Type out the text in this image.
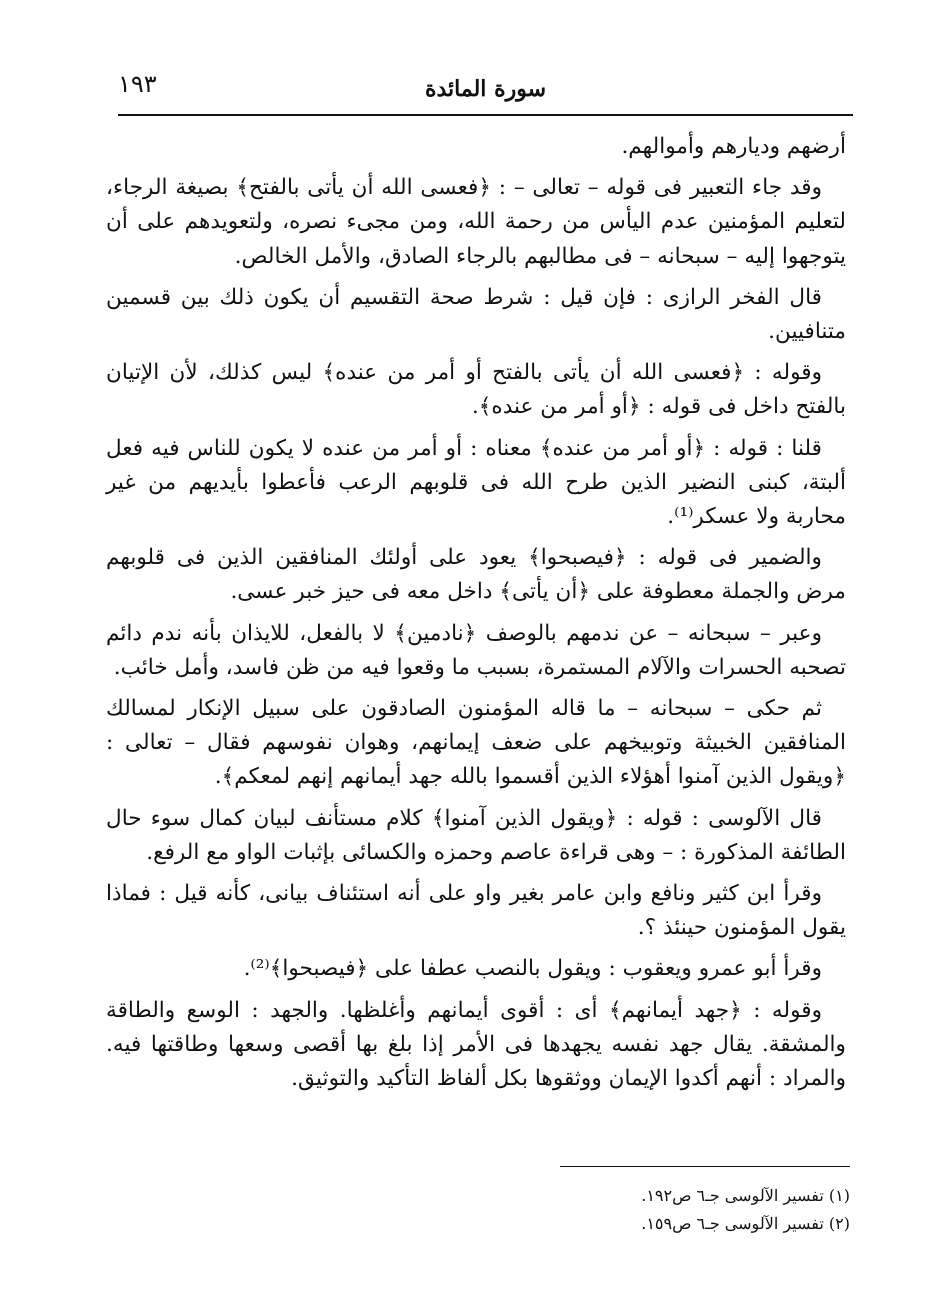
١٩٣	سورة المائدة

أرضهم وديارهم وأموالهم.

وقد جاء التعبير فى قوله – تعالى – : ﴿فعسى الله أن يأتى بالفتح﴾ بصيغة الرجاء، لتعليم المؤمنين عدم اليأس من رحمة الله، ومن مجىء نصره، ولتعويدهم على أن يتوجهوا إليه – سبحانه – فى مطالبهم بالرجاء الصادق، والأمل الخالص.

قال الفخر الرازى : فإن قيل : شرط صحة التقسيم أن يكون ذلك بين قسمين متنافيين.

وقوله : ﴿فعسى الله أن يأتى بالفتح أو أمر من عنده﴾ ليس كذلك، لأن الإتيان بالفتح داخل فى قوله : ﴿أو أمر من عنده﴾.

قلنا : قوله : ﴿أو أمر من عنده﴾ معناه : أو أمر من عنده لا يكون للناس فيه فعل ألبتة، كبنى النضير الذين طرح الله فى قلوبهم الرعب فأعطوا بأيديهم من غير محاربة ولا عسكر⁽¹⁾.

والضمير فى قوله : ﴿فيصبحوا﴾ يعود على أولئك المنافقين الذين فى قلوبهم مرض والجملة معطوفة على ﴿أن يأتى﴾ داخل معه فى حيز خبر عسى.

وعبر – سبحانه – عن ندمهم بالوصف ﴿نادمين﴾ لا بالفعل، للايذان بأنه ندم دائم تصحبه الحسرات والآلام المستمرة، بسبب ما وقعوا فيه من ظن فاسد، وأمل خائب.

ثم حكى – سبحانه – ما قاله المؤمنون الصادقون على سبيل الإنكار لمسالك المنافقين الخبيثة وتوبيخهم على ضعف إيمانهم، وهوان نفوسهم فقال – تعالى : ﴿ويقول الذين آمنوا أهؤلاء الذين أقسموا بالله جهد أيمانهم إنهم لمعكم﴾.

قال الآلوسى : قوله : ﴿ويقول الذين آمنوا﴾ كلام مستأنف لبيان كمال سوء حال الطائفة المذكورة : – وهى قراءة عاصم وحمزه والكسائى بإثبات الواو مع الرفع.

وقرأ ابن كثير ونافع وابن عامر بغير واو على أنه استئناف بيانى، كأنه قيل : فماذا يقول المؤمنون حينئذ ؟.

وقرأ أبو عمرو ويعقوب : ويقول بالنصب عطفا على ﴿فيصبحوا﴾⁽²⁾.

وقوله : ﴿جهد أيمانهم﴾ أى : أقوى أيمانهم وأغلظها. والجهد : الوسع والطاقة والمشقة. يقال جهد نفسه يجهدها فى الأمر إذا بلغ بها أقصى وسعها وطاقتها فيه. والمراد : أنهم أكدوا الإيمان ووثقوها بكل ألفاظ التأكيد والتوثيق.

(١) تفسير الآلوسى جـ٦ ص١٩٢.

(٢) تفسير الآلوسى جـ٦ ص١٥٩.
